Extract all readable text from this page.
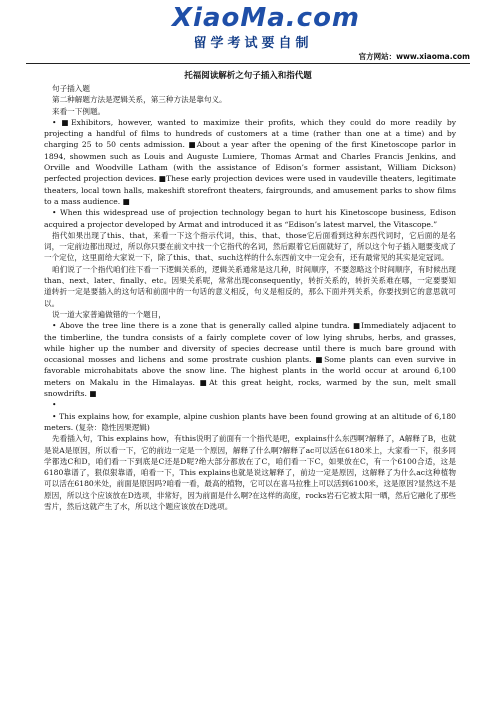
XiaoMa.com
留学考试要自制
官方网站：www.xiaoma.com
托福阅读解析之句子插入和指代题

句子插入题

第二种解题方法是逻辑关系，第三种方法是靠句义。

来看一下例题。

• ■Exhibitors, however, wanted to maximize their profits, which they could do more readily by projecting a handful of films to hundreds of customers at a time (rather than one at a time) and by charging 25 to 50 cents admission. ■About a year after the opening of the first Kinetoscope parlor in 1894, showmen such as Louis and Auguste Lumiere, Thomas Armat and Charles Francis Jenkins, and Orville and Woodville Latham (with the assistance of Edison’s former assistant, William Dickson) perfected projection devices. ■These early projection devices were used in vaudeville theaters, legitimate theaters, local town halls, makeshift storefront theaters, fairgrounds, and amusement parks to show films to a mass audience. ■

• When this widespread use of projection technology began to hurt his Kinetoscope business, Edison acquired a projector developed by Armat and introduced it as “Edison’s latest marvel, the Vitascope.”

指代如果出现了this、that，来看一下这个指示代词，this、that、those它后面看到这种东西代词时，它后面的是名词，一定前边都出现过，所以你只要在前文中找一个它指代的名词，然后跟着它后面就好了，所以这个句子插入题要变成了一个定位，这里面给大家说一下，除了this、that、such这样的什么东西前文中一定会有，还有最常见的其实是定冠词。

咱们说了一个指代咱们往下看一下逻辑关系的，逻辑关系通常是这几种，时间顺序，不要忽略这个时间顺序，有时候出现 than、next、later、finally、etc。因果关系呢，常常出现consequently，转折关系的，转折关系难在哪，一定要要知道转折一定是要插入的这句话和前面中的一句话的意义相反，句义是相反的，那么下面并列关系，你要找到它的意思就可以。

说一道大家普遍做错的一个题目，

• Above the tree line there is a zone that is generally called alpine tundra. ■Immediately adjacent to the timberline, the tundra consists of a fairly complete cover of low lying shrubs, herbs, and grasses, while higher up the number and diversity of species decrease until there is much bare ground with occasional mosses and lichens and some prostrate cushion plants. ■Some plants can even survive in favorable microhabitats above the snow line. The highest plants in the world occur at around 6,100 meters on Makalu in the Himalayas. ■At this great height, rocks, warmed by the sun, melt small snowdrifts. ■

•

• This explains how, for example, alpine cushion plants have been found growing at an altitude of 6,180 meters. (复杂：隐性因果逻辑)

先看插入句，This explains how，有this说明了前面有一个指代是吧，explains什么东西啊?解释了，A解释了B，也就是说A是原因，所以看一下，它的前边一定是一个原因，解释了什么啊?解释了ac可以活在6180米上，大家看一下，很多同学都选C和D，咱们看一下到底是C还是D呢?绝大部分都放在了C，咱们看一下C，如果放在C，有一个6100合适，这是6180靠谱了，狠似狠靠谱，咱看一下，This explains也就是说这解释了，前边一定是原因，这解释了为什么ac这种植物可以活在6180米处，前面是原因吗?咱看一看，最高的植物，它可以在喜马拉雅上可以活到6100米，这是原因?显然这不是原因，所以这个应该放在D选项，非常好，因为前面是什么啊?在这样的高度，rocks岩石它被太阳一晒，然后它融化了那些雪片，然后这就产生了水，所以这个题应该放在D选项。
